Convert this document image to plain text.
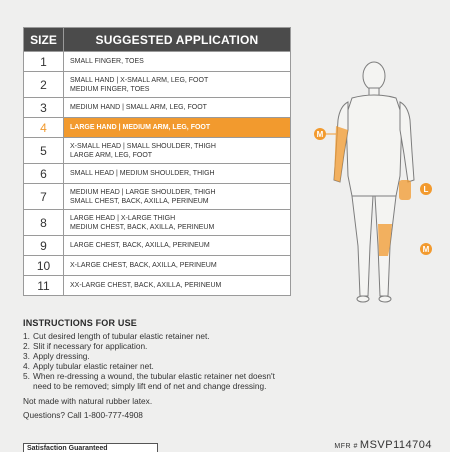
SIZE	SUGGESTED APPLICATION
1	SMALL FINGER, TOES

2	SMALL HAND | X-SMALL ARM, LEG, FOOT
MEDIUM FINGER, TOES

3	MEDIUM HAND | SMALL ARM, LEG, FOOT

4	LARGE HAND | MEDIUM ARM, LEG, FOOT

5	X-SMALL HEAD | SMALL SHOULDER, THIGH
LARGE ARM, LEG, FOOT

6	SMALL HEAD | MEDIUM SHOULDER, THIGH

7	MEDIUM HEAD | LARGE SHOULDER, THIGH
SMALL CHEST, BACK, AXILLA, PERINEUM

8	LARGE HEAD | X-LARGE THIGH
MEDIUM CHEST, BACK, AXILLA, PERINEUM

9	LARGE CHEST, BACK, AXILLA, PERINEUM

10	X-LARGE CHEST, BACK, AXILLA, PERINEUM

11	XX-LARGE CHEST, BACK, AXILLA, PERINEUM
M
L
M
INSTRUCTIONS FOR USE
1. Cut desired length of tubular elastic retainer net.
2. Slit if necessary for application.
3. Apply dressing.
4. Apply tubular elastic retainer net.
5. When re-dressing a wound, the tubular elastic retainer net doesn't
need to be removed; simply lift end of net and change dressing.
Not made with natural rubber latex.
Questions? Call 1-800-777-4908
Satisfaction Guaranteed	MFR # MSVP114704
